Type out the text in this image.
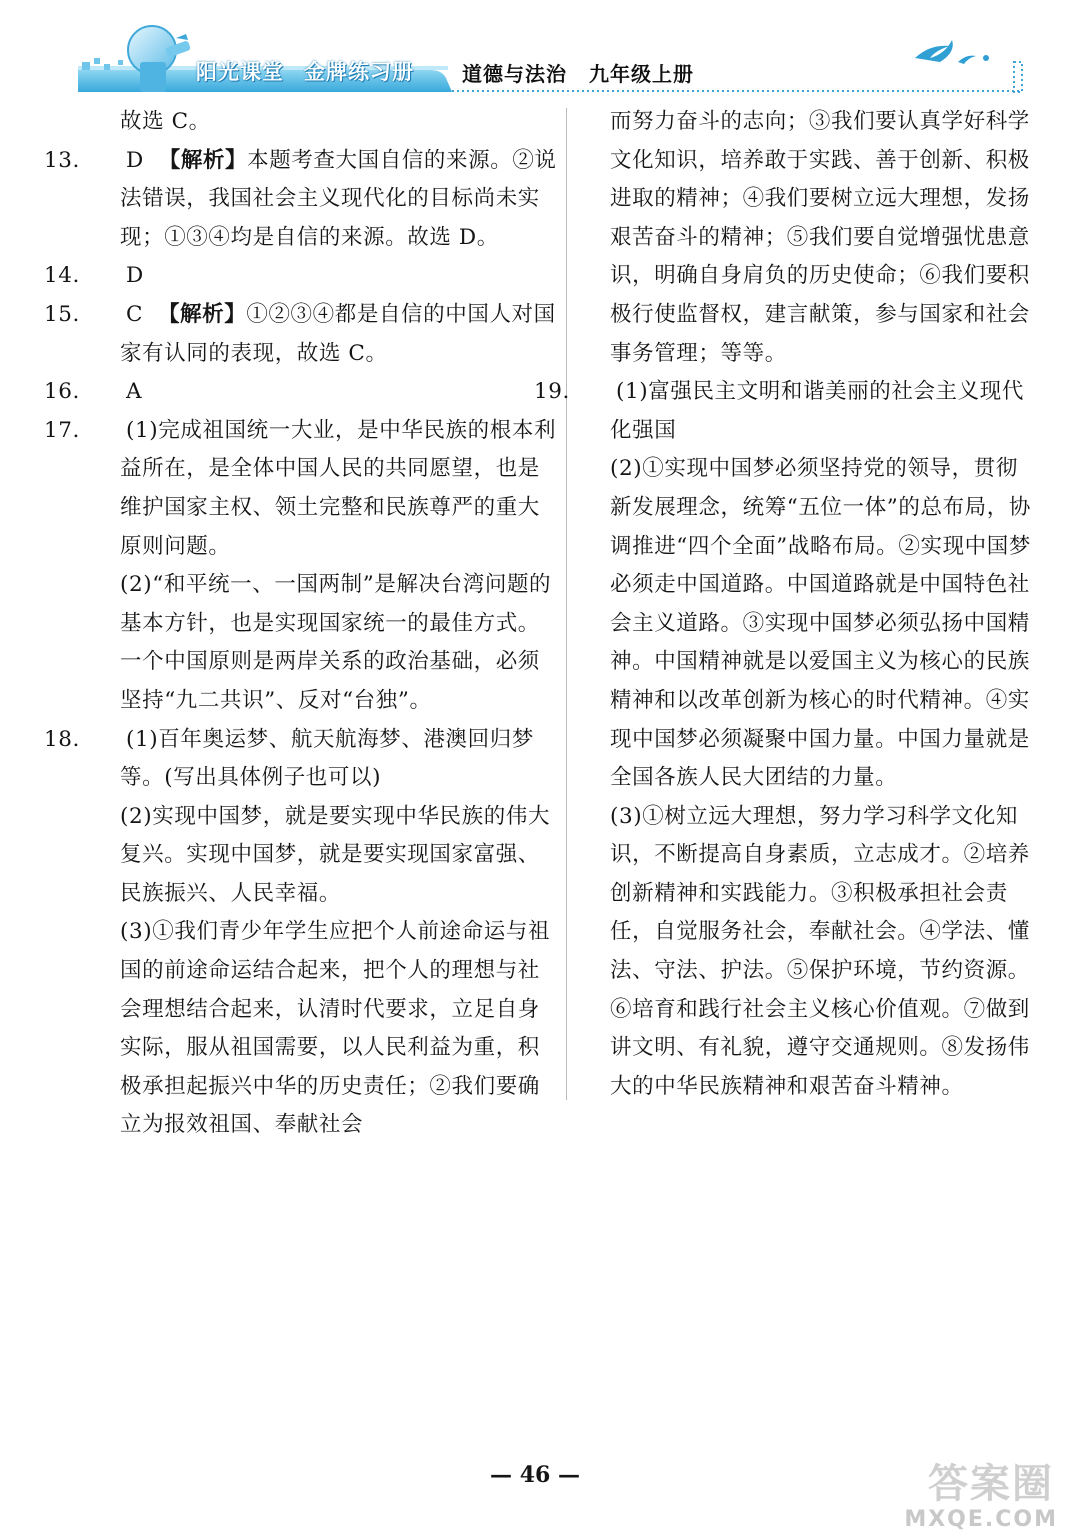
阳光课堂 金牌练习册 道德与法治 九年级上册

故选 C。

13. D 【解析】本题考查大国自信的来源。②说法错误，我国社会主义现代化的目标尚未实现；①③④均是自信的来源。故选 D。

14. D

15. C 【解析】①②③④都是自信的中国人对国家有认同的表现，故选 C。

16. A

17. (1)完成祖国统一大业，是中华民族的根本利益所在，是全体中国人民的共同愿望，也是维护国家主权、领土完整和民族尊严的重大原则问题。

(2)“和平统一、一国两制”是解决台湾问题的基本方针，也是实现国家统一的最佳方式。一个中国原则是两岸关系的政治基础，必须坚持“九二共识”、反对“台独”。

18. (1)百年奥运梦、航天航海梦、港澳回归梦等。(写出具体例子也可以)

(2)实现中国梦，就是要实现中华民族的伟大复兴。实现中国梦，就是要实现国家富强、民族振兴、人民幸福。

(3)①我们青少年学生应把个人前途命运与祖国的前途命运结合起来，把个人的理想与社会理想结合起来，认清时代要求，立足自身实际，服从祖国需要，以人民利益为重，积极承担起振兴中华的历史责任；②我们要确立为报效祖国、奉献社会

而努力奋斗的志向；③我们要认真学好科学文化知识，培养敢于实践、善于创新、积极进取的精神；④我们要树立远大理想，发扬艰苦奋斗的精神；⑤我们要自觉增强忧患意识，明确自身肩负的历史使命；⑥我们要积极行使监督权，建言献策，参与国家和社会事务管理；等等。

19. (1)富强民主文明和谐美丽的社会主义现代化强国

(2)①实现中国梦必须坚持党的领导，贯彻新发展理念，统筹“五位一体”的总布局，协调推进“四个全面”战略布局。②实现中国梦必须走中国道路。中国道路就是中国特色社会主义道路。③实现中国梦必须弘扬中国精神。中国精神就是以爱国主义为核心的民族精神和以改革创新为核心的时代精神。④实现中国梦必须凝聚中国力量。中国力量就是全国各族人民大团结的力量。

(3)①树立远大理想，努力学习科学文化知识，不断提高自身素质，立志成才。②培养创新精神和实践能力。③积极承担社会责任，自觉服务社会，奉献社会。④学法、懂法、守法、护法。⑤保护环境，节约资源。⑥培育和践行社会主义核心价值观。⑦做到讲文明、有礼貌，遵守交通规则。⑧发扬伟大的中华民族精神和艰苦奋斗精神。

— 46 —	答案圈
MXQE.COM
